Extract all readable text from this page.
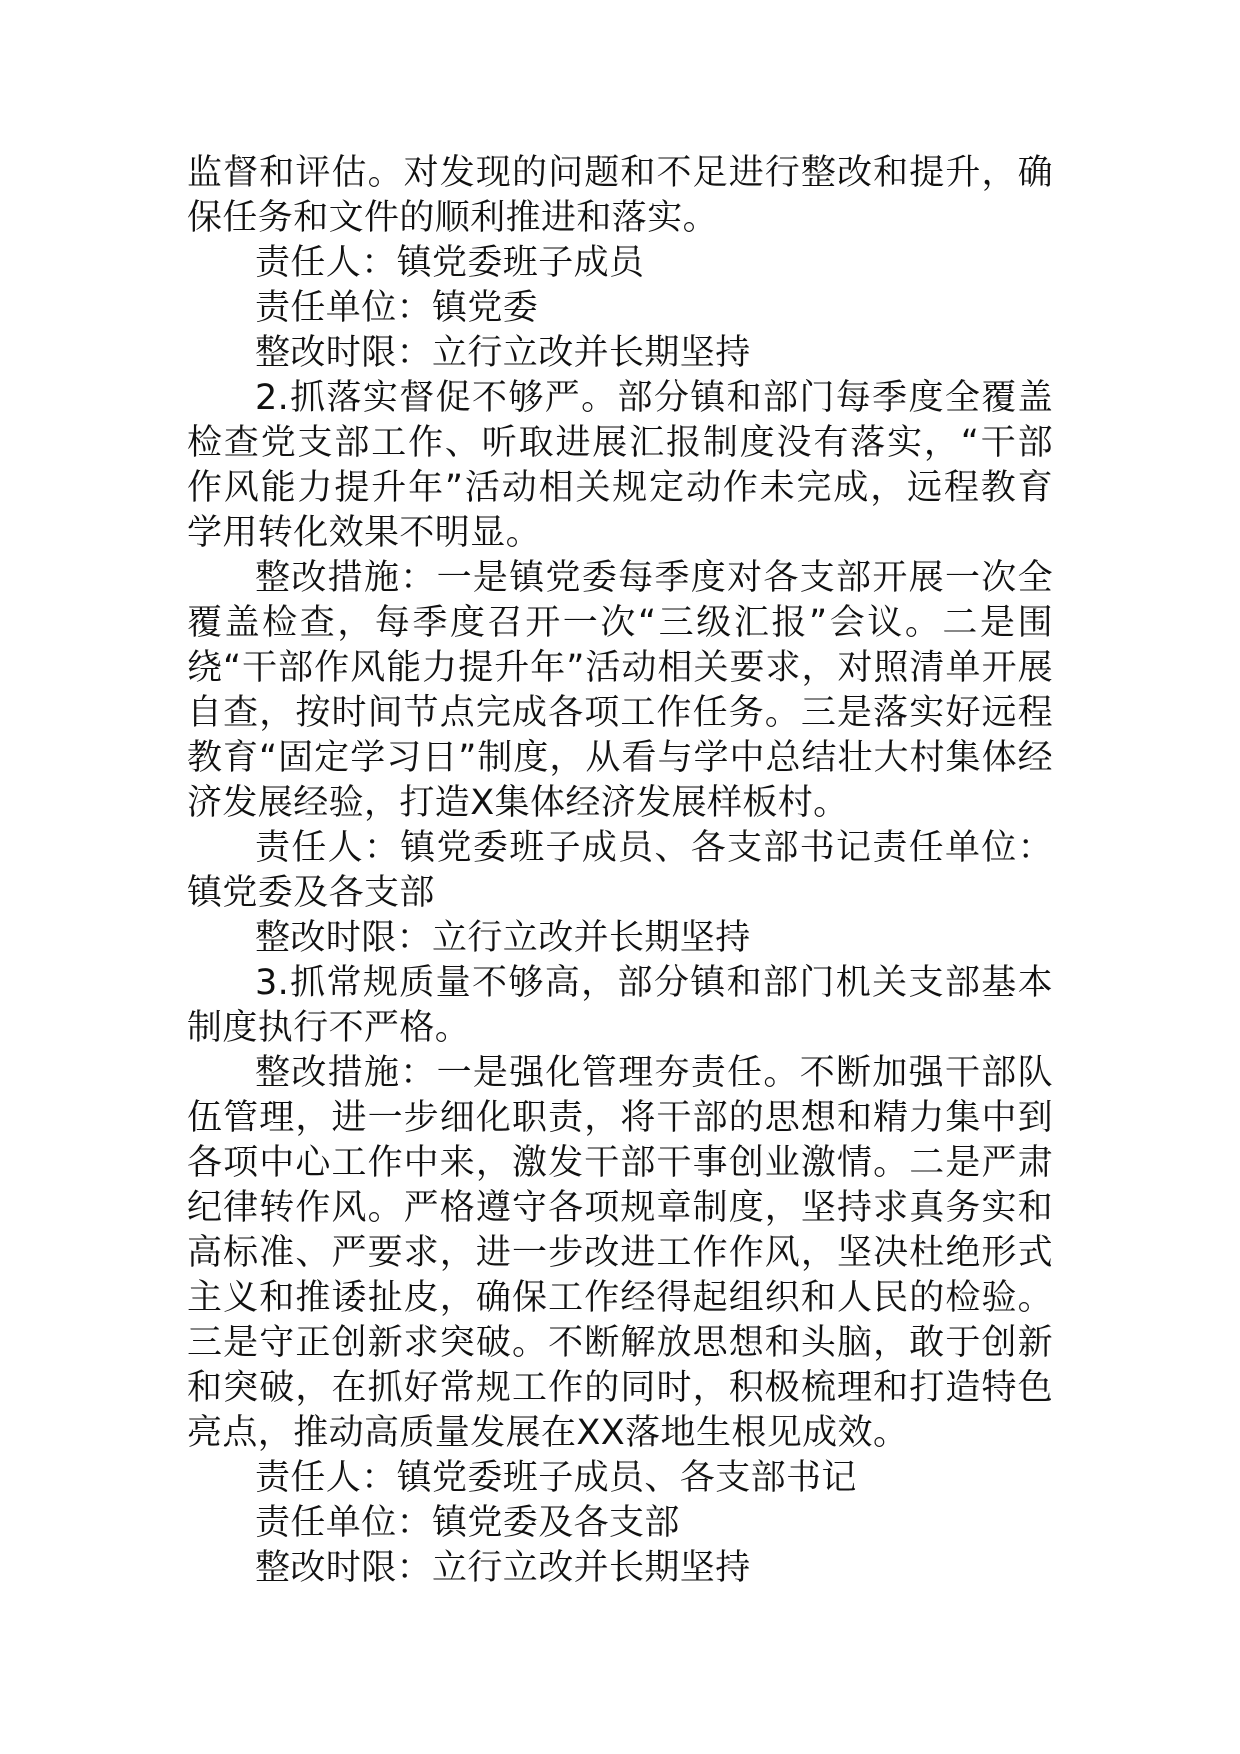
监督和评估。对发现的问题和不足进行整改和提升，确保任务和文件的顺利推进和落实。

责任人：镇党委班子成员

责任单位：镇党委

整改时限：立行立改并长期坚持

2.抓落实督促不够严。部分镇和部门每季度全覆盖检查党支部工作、听取进展汇报制度没有落实，“干部作风能力提升年”活动相关规定动作未完成，远程教育学用转化效果不明显。

整改措施：一是镇党委每季度对各支部开展一次全覆盖检查，每季度召开一次“三级汇报”会议。二是围绕“干部作风能力提升年”活动相关要求，对照清单开展自查，按时间节点完成各项工作任务。三是落实好远程教育“固定学习日”制度，从看与学中总结壮大村集体经济发展经验，打造X集体经济发展样板村。

责任人：镇党委班子成员、各支部书记责任单位：镇党委及各支部

整改时限：立行立改并长期坚持

3.抓常规质量不够高，部分镇和部门机关支部基本制度执行不严格。

整改措施：一是强化管理夯责任。不断加强干部队伍管理，进一步细化职责，将干部的思想和精力集中到各项中心工作中来，激发干部干事创业激情。二是严肃纪律转作风。严格遵守各项规章制度，坚持求真务实和高标准、严要求，进一步改进工作作风，坚决杜绝形式主义和推诿扯皮，确保工作经得起组织和人民的检验。三是守正创新求突破。不断解放思想和头脑，敢于创新和突破，在抓好常规工作的同时，积极梳理和打造特色亮点，推动高质量发展在XX落地生根见成效。

责任人：镇党委班子成员、各支部书记

责任单位：镇党委及各支部

整改时限：立行立改并长期坚持
